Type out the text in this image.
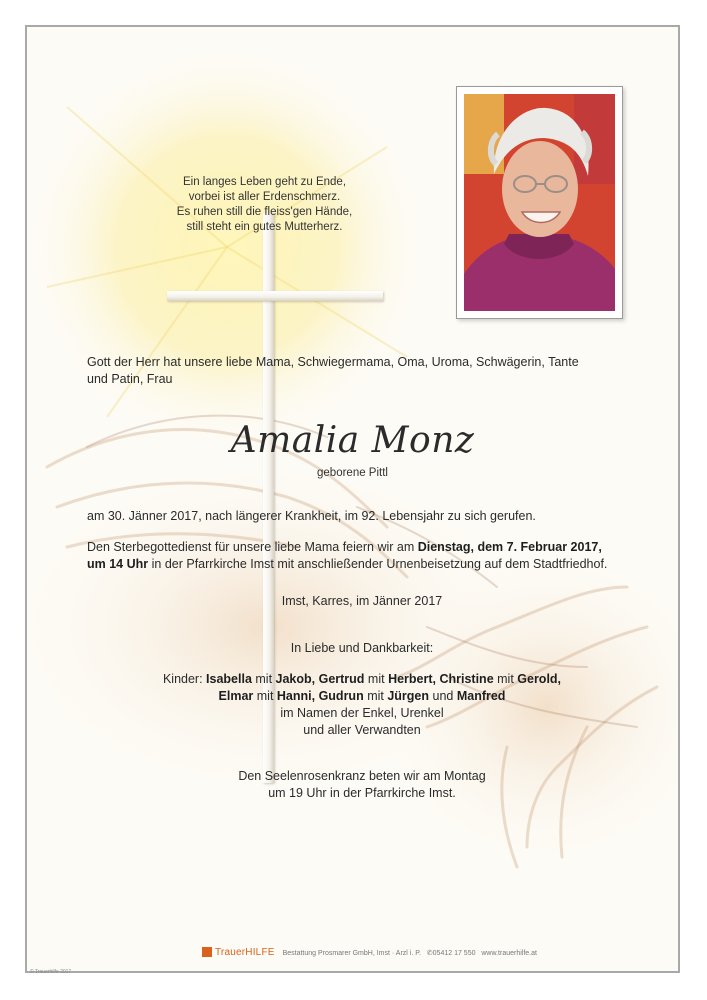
Ein langes Leben geht zu Ende,
vorbei ist aller Erdenschmerz.
Es ruhen still die fleiss'gen Hände,
still steht ein gutes Mutterherz.
Gott der Herr hat unsere liebe Mama, Schwiegermama, Oma, Uroma, Schwägerin, Tante
und Patin, Frau
Amalia Monz
geborene Pittl
am 30. Jänner 2017, nach längerer Krankheit, im 92. Lebensjahr zu sich gerufen.
Den Sterbegottedienst für unsere liebe Mama feiern wir am Dienstag, dem 7. Februar 2017,
um 14 Uhr in der Pfarrkirche Imst mit anschließender Urnenbeisetzung auf dem Stadtfriedhof.
Imst, Karres, im Jänner 2017
In Liebe und Dankbarkeit:
Kinder: Isabella mit Jakob, Gertrud mit Herbert, Christine mit Gerold,
Elmar mit Hanni, Gudrun mit Jürgen und Manfred
im Namen der Enkel, Urenkel
und aller Verwandten
Den Seelenrosenkranz beten wir am Montag
um 19 Uhr in der Pfarrkirche Imst.
TrauerHILFE Bestattung Prosmarer GmbH, Imst · Arzl i. P. ✆05412 17 550 www.trauerhilfe.at
© Trauerhilfe 2017
